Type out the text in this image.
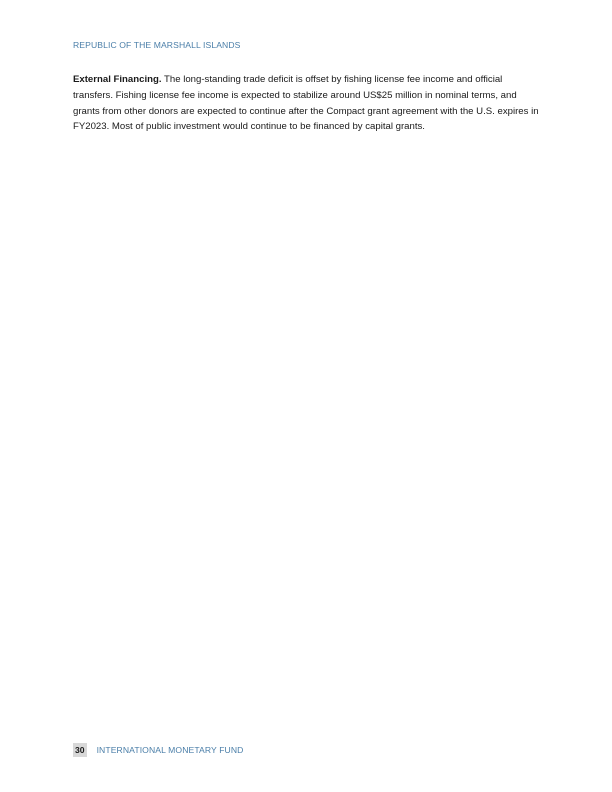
REPUBLIC OF THE MARSHALL ISLANDS

External Financing. The long-standing trade deficit is offset by fishing license fee income and official transfers. Fishing license fee income is expected to stabilize around US$25 million in nominal terms, and grants from other donors are expected to continue after the Compact grant agreement with the U.S. expires in FY2023. Most of public investment would continue to be financed by capital grants.

30 INTERNATIONAL MONETARY FUND
